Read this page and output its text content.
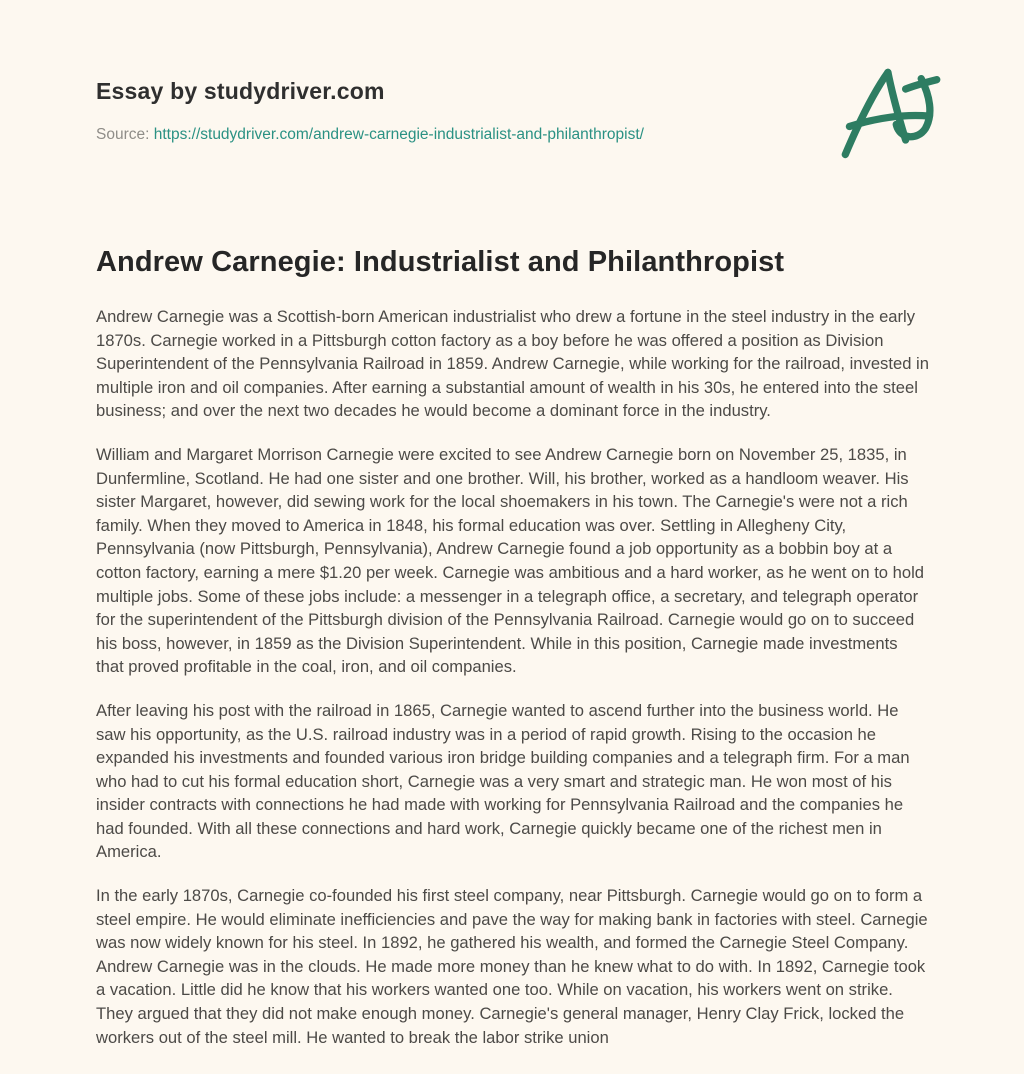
Essay by studydriver.com
Source: https://studydriver.com/andrew-carnegie-industrialist-and-philanthropist/
Andrew Carnegie: Industrialist and Philanthropist

Andrew Carnegie was a Scottish-born American industrialist who drew a fortune in the steel industry in the early 1870s. Carnegie worked in a Pittsburgh cotton factory as a boy before he was offered a position as Division Superintendent of the Pennsylvania Railroad in 1859. Andrew Carnegie, while working for the railroad, invested in multiple iron and oil companies. After earning a substantial amount of wealth in his 30s, he entered into the steel business; and over the next two decades he would become a dominant force in the industry.

William and Margaret Morrison Carnegie were excited to see Andrew Carnegie born on November 25, 1835, in Dunfermline, Scotland. He had one sister and one brother. Will, his brother, worked as a handloom weaver. His sister Margaret, however, did sewing work for the local shoemakers in his town. The Carnegie's were not a rich family. When they moved to America in 1848, his formal education was over. Settling in Allegheny City, Pennsylvania (now Pittsburgh, Pennsylvania), Andrew Carnegie found a job opportunity as a bobbin boy at a cotton factory, earning a mere $1.20 per week. Carnegie was ambitious and a hard worker, as he went on to hold multiple jobs. Some of these jobs include: a messenger in a telegraph office, a secretary, and telegraph operator for the superintendent of the Pittsburgh division of the Pennsylvania Railroad. Carnegie would go on to succeed his boss, however, in 1859 as the Division Superintendent. While in this position, Carnegie made investments that proved profitable in the coal, iron, and oil companies.

After leaving his post with the railroad in 1865, Carnegie wanted to ascend further into the business world. He saw his opportunity, as the U.S. railroad industry was in a period of rapid growth. Rising to the occasion he expanded his investments and founded various iron bridge building companies and a telegraph firm. For a man who had to cut his formal education short, Carnegie was a very smart and strategic man. He won most of his insider contracts with connections he had made with working for Pennsylvania Railroad and the companies he had founded. With all these connections and hard work, Carnegie quickly became one of the richest men in America.

In the early 1870s, Carnegie co-founded his first steel company, near Pittsburgh. Carnegie would go on to form a steel empire. He would eliminate inefficiencies and pave the way for making bank in factories with steel. Carnegie was now widely known for his steel. In 1892, he gathered his wealth, and formed the Carnegie Steel Company. Andrew Carnegie was in the clouds. He made more money than he knew what to do with. In 1892, Carnegie took a vacation. Little did he know that his workers wanted one too. While on vacation, his workers went on strike. They argued that they did not make enough money. Carnegie's general manager, Henry Clay Frick, locked the workers out of the steel mill. He wanted to break the labor strike union
